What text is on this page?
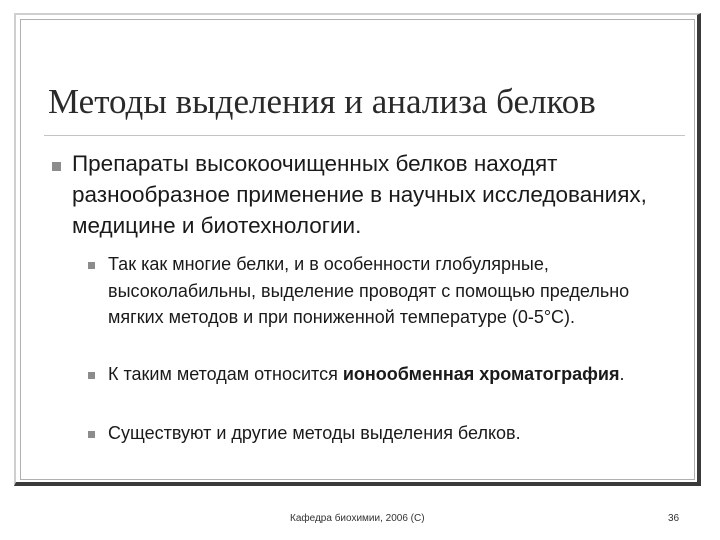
Методы выделения и анализа белков

Препараты высокоочищенных белков находят разнообразное применение в научных исследованиях, медицине и биотехнологии.

Так как многие белки, и в особенности глобулярные, высоколабильны, выделение проводят с помощью предельно мягких методов и при пониженной температуре (0-5°С).

К таким методам относится ионообменная хроматография.

Существуют и другие методы выделения белков.

Кафедра биохимии, 2006 (С)	36
